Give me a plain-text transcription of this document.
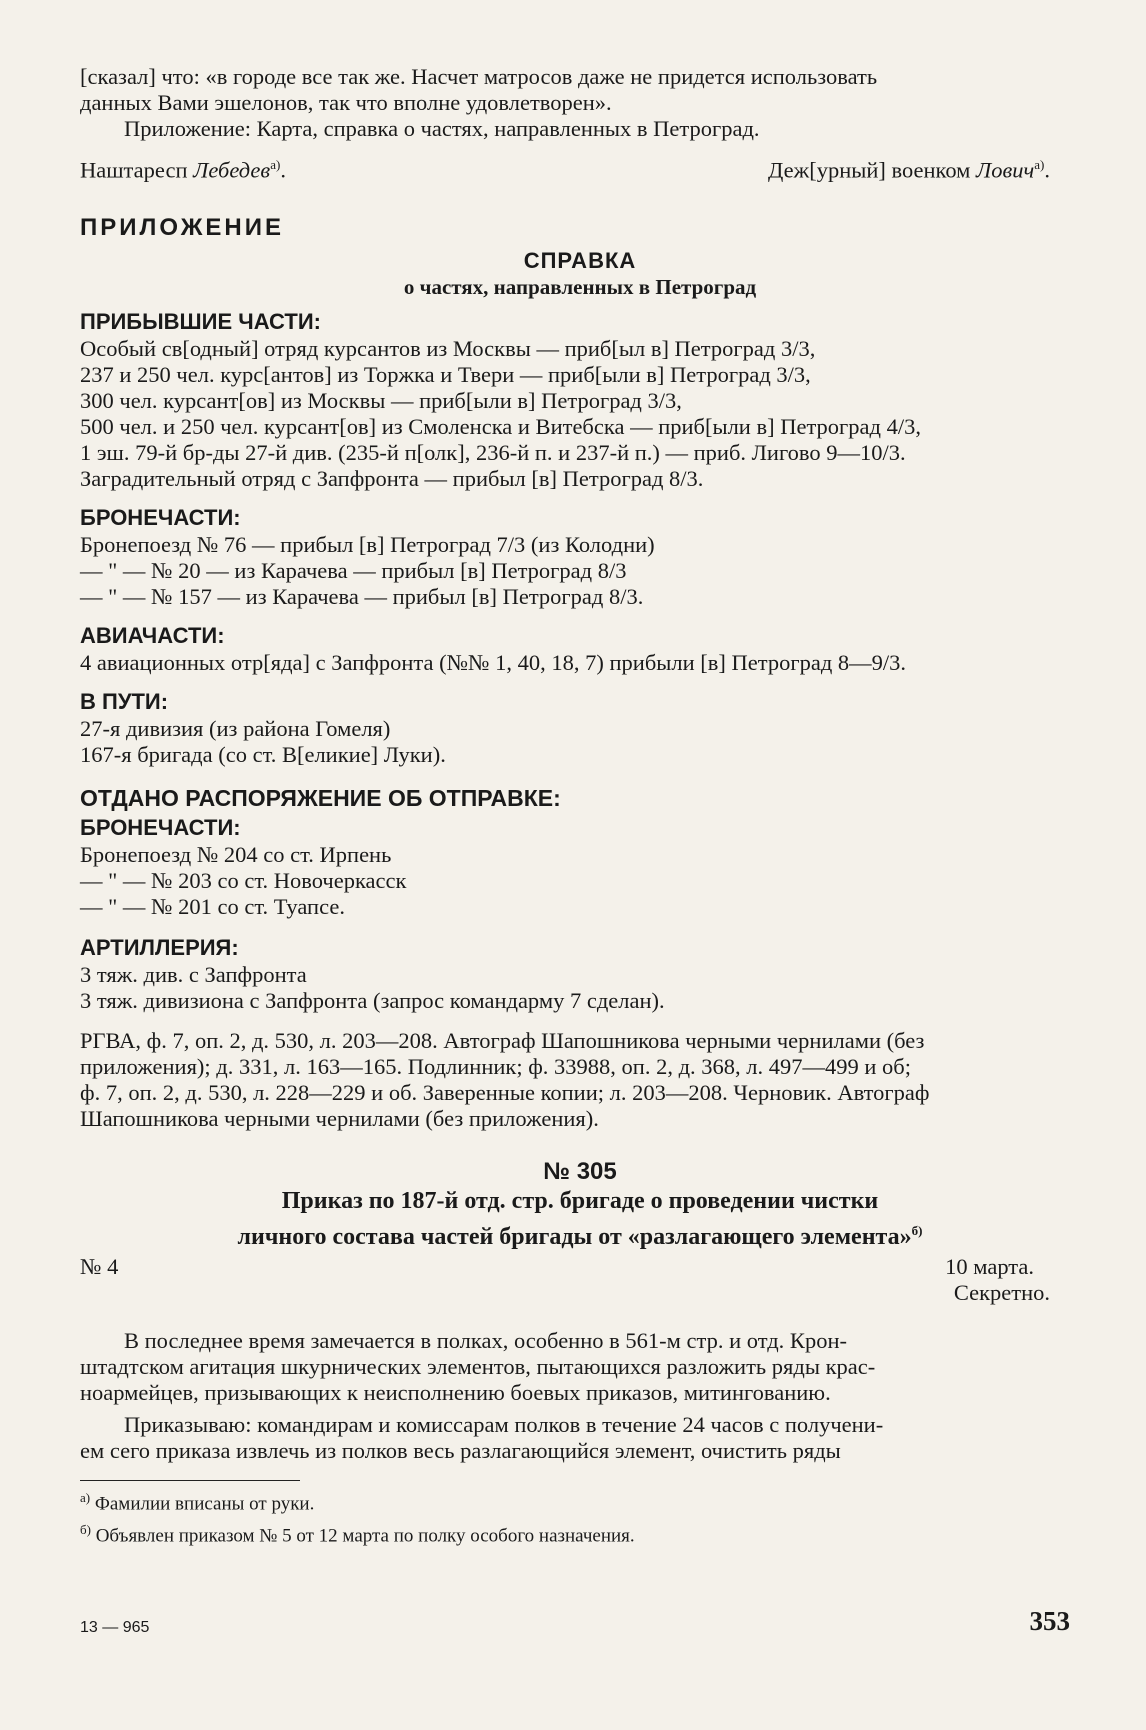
[сказал] что: «в городе все так же. Насчет матросов даже не придется использовать

данных Вами эшелонов, так что вполне удовлетворен».

Приложение: Карта, справка о частях, направленных в Петроград.

Наштаресп Лебедев$^{а)}$.	Деж[урный] военком Лович$^{а)}$.
ПРИЛОЖЕНИЕ
СПРАВКА
о частях, направленных в Петроград
ПРИБЫВШИЕ ЧАСТИ:

Особый св[одный] отряд курсантов из Москвы — приб[ыл в] Петроград 3/3,

237 и 250 чел. курс[антов] из Торжка и Твери — приб[ыли в] Петроград 3/3,

300 чел. курсант[ов] из Москвы — приб[ыли в] Петроград 3/3,

500 чел. и 250 чел. курсант[ов] из Смоленска и Витебска — приб[ыли в] Петроград 4/3,

1 эш. 79-й бр-ды 27-й див. (235-й п[олк], 236-й п. и 237-й п.) — приб. Лигово 9—10/3.

Заградительный отряд с Запфронта — прибыл [в] Петроград 8/3.

БРОНЕЧАСТИ:

Бронепоезд № 76 — прибыл [в] Петроград 7/3 (из Колодни)

— " — № 20 — из Карачева — прибыл [в] Петроград 8/3

— " — № 157 — из Карачева — прибыл [в] Петроград 8/3.

АВИАЧАСТИ:

4 авиационных отр[яда] с Запфронта (№№ 1, 40, 18, 7) прибыли [в] Петроград 8—9/3.

В ПУТИ:

27-я дивизия (из района Гомеля)

167-я бригада (со ст. В[еликие] Луки).

ОТДАНО РАСПОРЯЖЕНИЕ ОБ ОТПРАВКЕ:
БРОНЕЧАСТИ:

Бронепоезд № 204 со ст. Ирпень

— " — № 203 со ст. Новочеркасск

— " — № 201 со ст. Туапсе.

АРТИЛЛЕРИЯ:

3 тяж. див. с Запфронта

3 тяж. дивизиона с Запфронта (запрос командарму 7 сделан).

РГВА, ф. 7, оп. 2, д. 530, л. 203—208. Автограф Шапошникова черными чернилами (без

приложения); д. 331, л. 163—165. Подлинник; ф. 33988, оп. 2, д. 368, л. 497—499 и об;

ф. 7, оп. 2, д. 530, л. 228—229 и об. Заверенные копии; л. 203—208. Черновик. Автограф

Шапошникова черными чернилами (без приложения).

№ 305
Приказ по 187-й отд. стр. бригаде о проведении чистки
личного состава частей бригады от «разлагающего элемента»$^{б)}$
№ 4	10 марта.
Секретно.

В последнее время замечается в полках, особенно в 561-м стр. и отд. Крон-

штадтском агитация шкурнических элементов, пытающихся разложить ряды крас-

ноармейцев, призывающих к неисполнению боевых приказов, митингованию.

Приказываю: командирам и комиссарам полков в течение 24 часов с получени-

ем сего приказа извлечь из полков весь разлагающийся элемент, очистить ряды

$^{а)}$ Фамилии вписаны от руки.
$^{б)}$ Объявлен приказом № 5 от 12 марта по полку особого назначения.
13 — 965	353
